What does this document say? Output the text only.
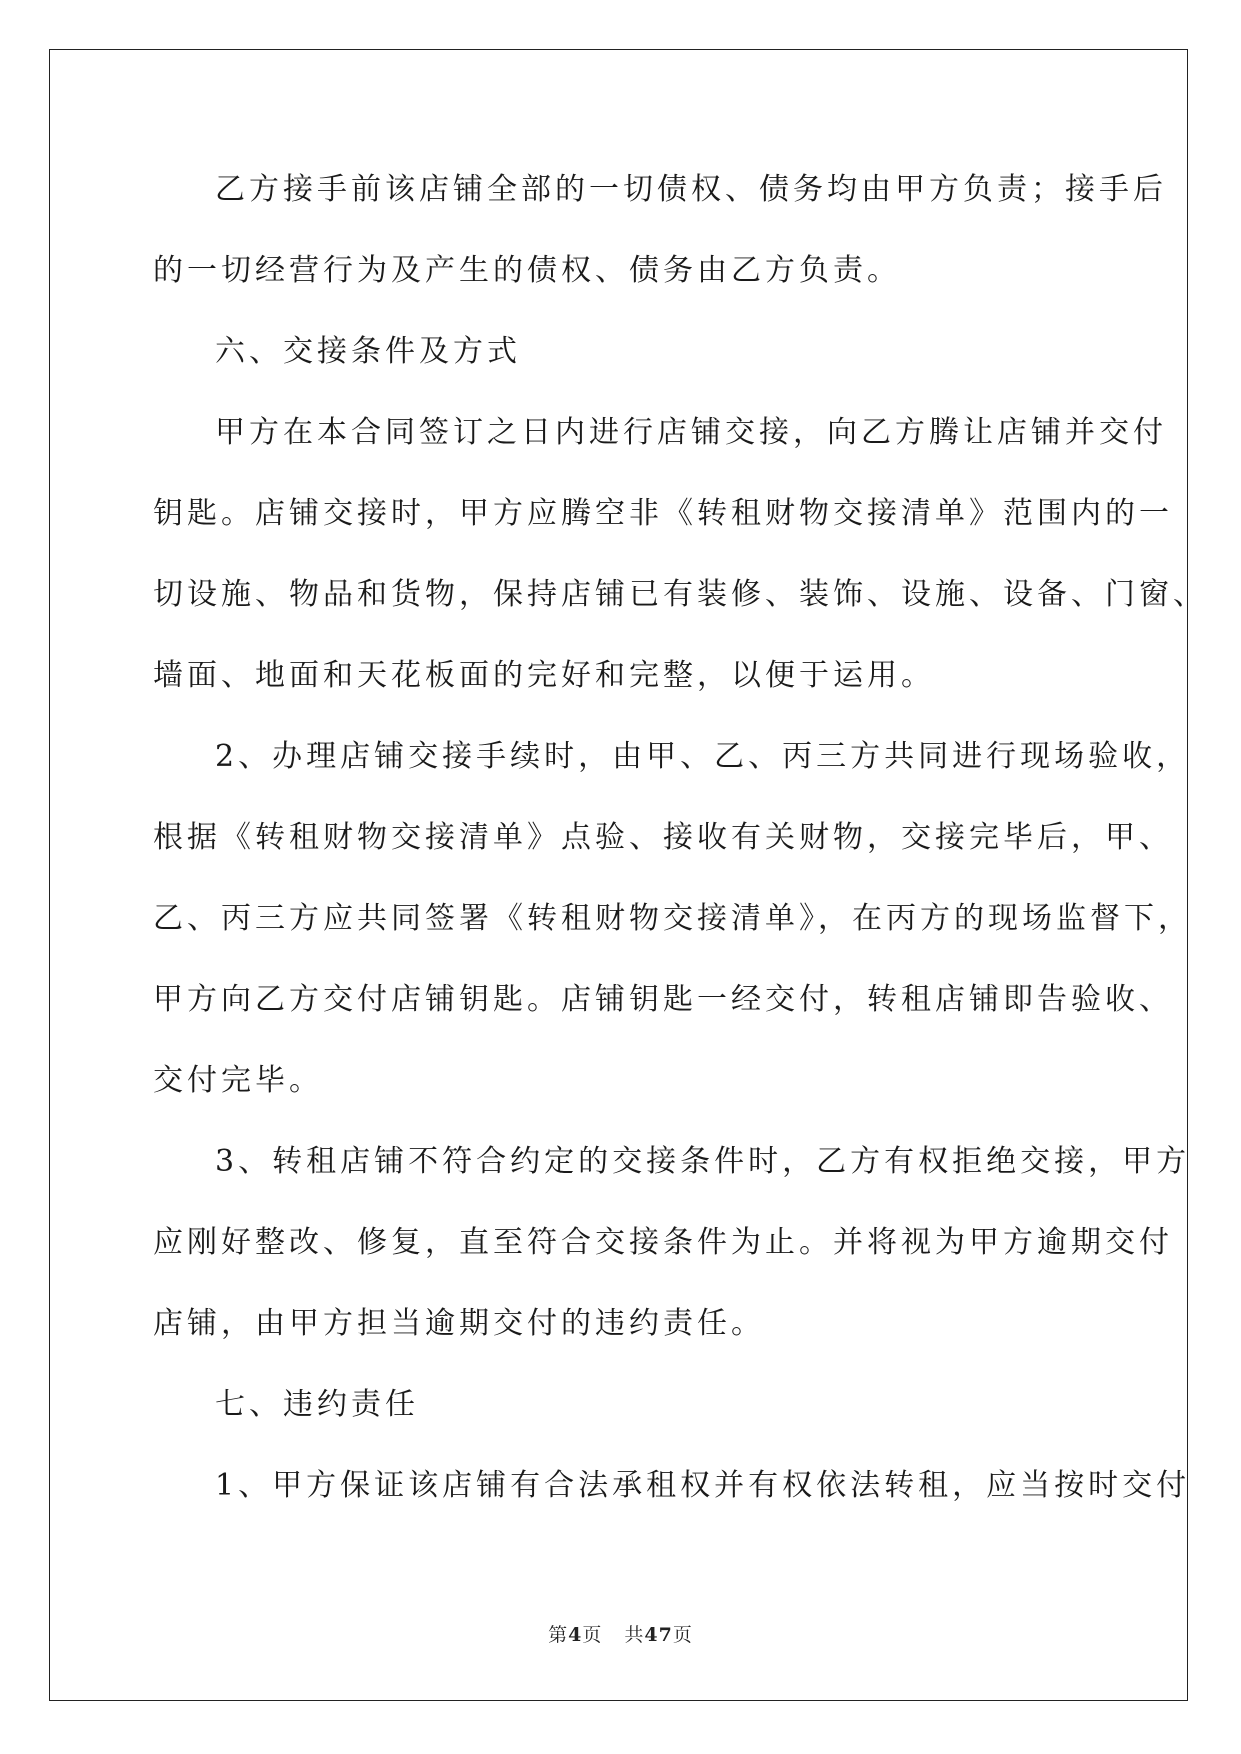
乙方接手前该店铺全部的一切债权、债务均由甲方负责；接手后
的一切经营行为及产生的债权、债务由乙方负责。
六、交接条件及方式
甲方在本合同签订之日内进行店铺交接，向乙方腾让店铺并交付
钥匙。店铺交接时，甲方应腾空非《转租财物交接清单》范围内的一
切设施、物品和货物，保持店铺已有装修、装饰、设施、设备、门窗、
墙面、地面和天花板面的完好和完整，以便于运用。
2、办理店铺交接手续时，由甲、乙、丙三方共同进行现场验收，
根据《转租财物交接清单》点验、接收有关财物，交接完毕后，甲、
乙、丙三方应共同签署《转租财物交接清单》，在丙方的现场监督下，
甲方向乙方交付店铺钥匙。店铺钥匙一经交付，转租店铺即告验收、
交付完毕。
3、转租店铺不符合约定的交接条件时，乙方有权拒绝交接，甲方
应刚好整改、修复，直至符合交接条件为止。并将视为甲方逾期交付
店铺，由甲方担当逾期交付的违约责任。
七、违约责任
1、甲方保证该店铺有合法承租权并有权依法转租，应当按时交付
第4页 共47页
